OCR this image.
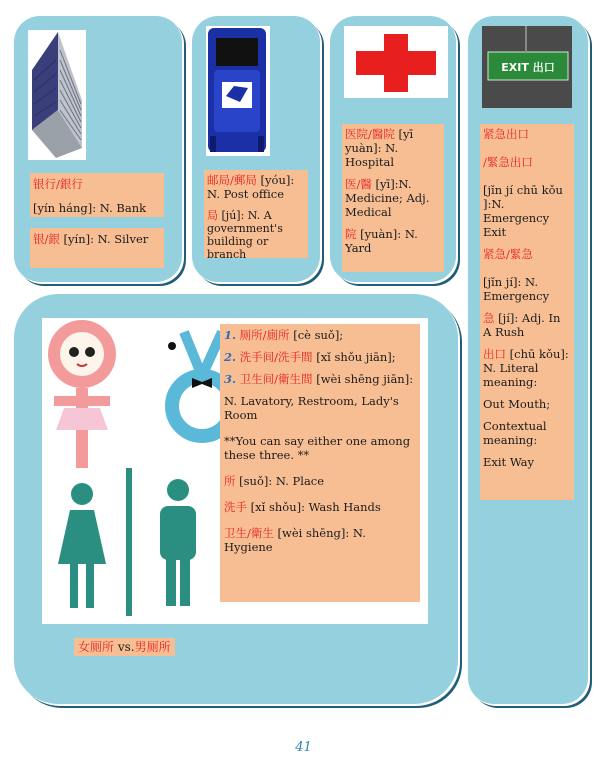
银行/銀行

[yín háng]: N. Bank

银/銀 [yín]: N. Silver

邮局/郵局 [yóu]: N. Post office

局 [jú]: N. A government's building or branch

医院/醫院 [yī yuàn]: N. Hospital

医/醫 [yī]:N. Medicine; Adj. Medical

院 [yuàn]: N. Yard

EXIT 出口

紧急出口

/緊急出口

[jǐn jí chū kǒu ]:N. Emergency Exit

紧急/緊急

[jǐn jí]: N. Emergency

急 [jí]: Adj. In A Rush

出口 [chū kǒu]: N. Literal meaning:

Out Mouth;

Contextual meaning:

Exit Way

1. 厕所/廁所 [cè suǒ];

2. 洗手间/洗手間 [xǐ shǒu jiān];

3. 卫生间/衛生間 [wèi shēng jiān]:

N. Lavatory, Restroom, Lady's Room

**You can say either one among these three. **

所 [suǒ]: N. Place

洗手 [xǐ shǒu]: Wash Hands

卫生/衛生 [wèi shēng]: N. Hygiene

女厕所 vs.男厕所
41
